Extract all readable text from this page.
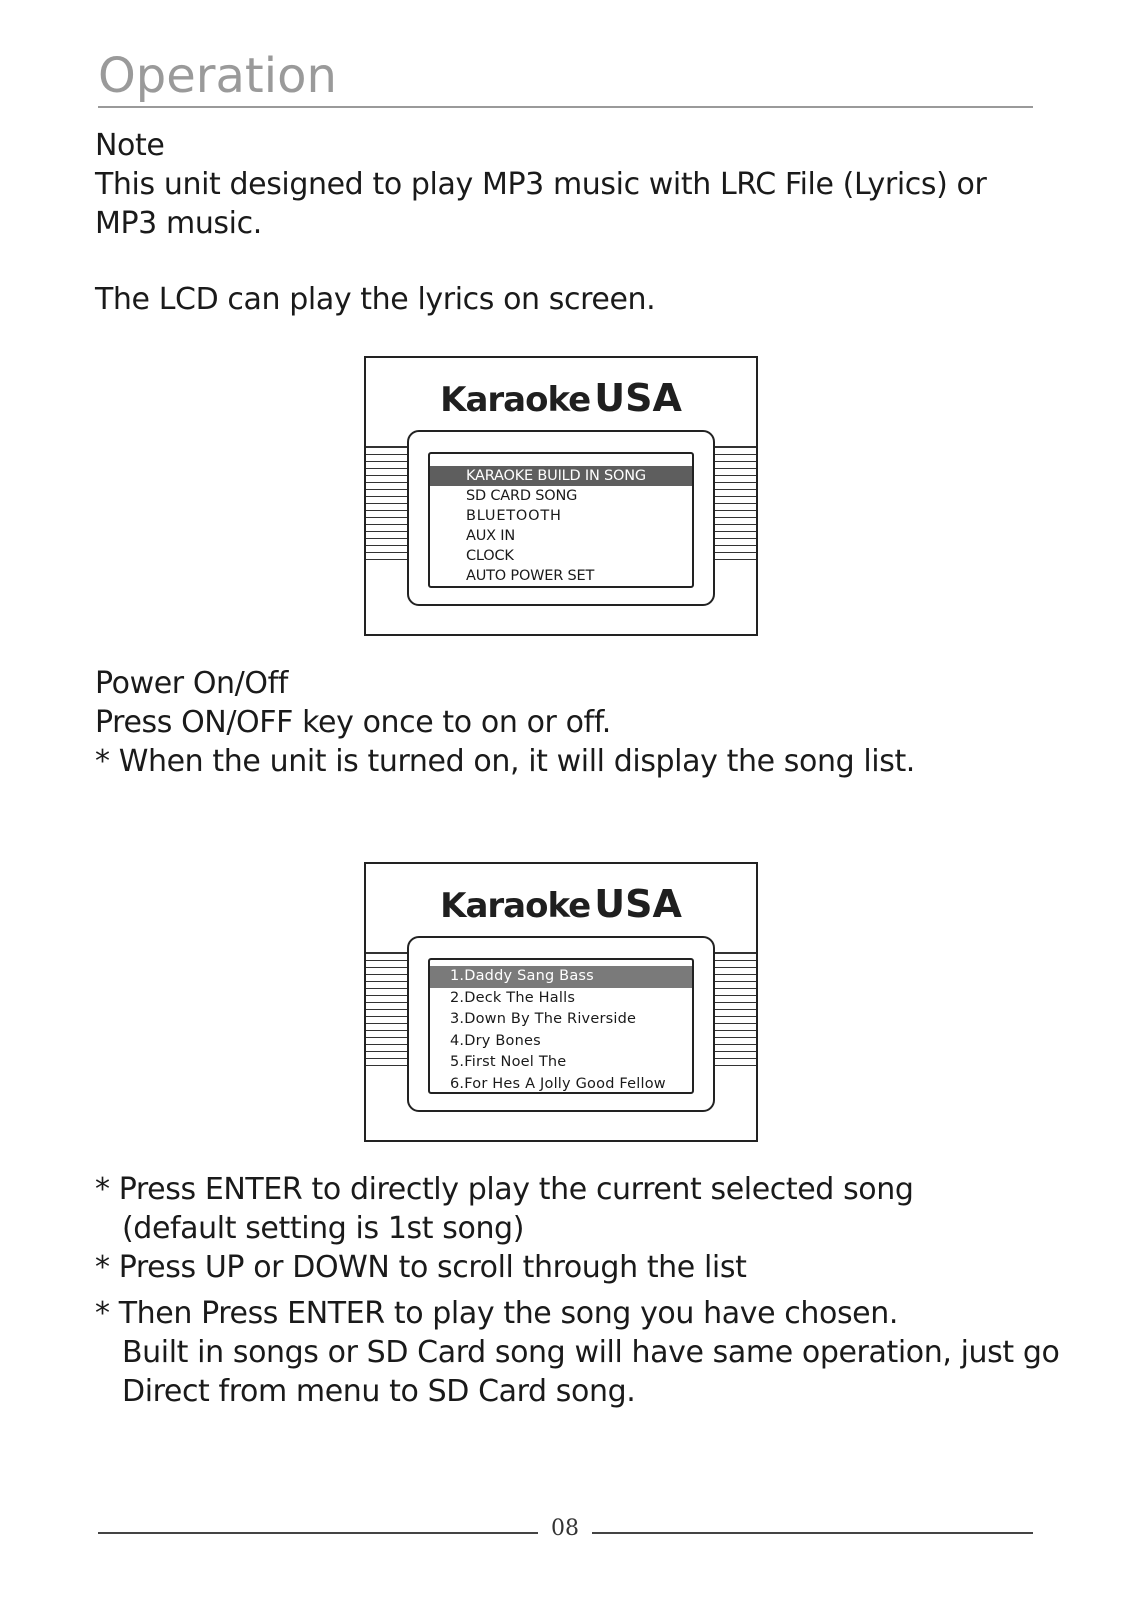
Operation
Note
This unit designed to play MP3 music with LRC File (Lyrics) or
MP3 music.
The LCD can play the lyrics on screen.
Karaoke USA
KARAOKE BUILD IN SONG
SD CARD SONG
BLUETOOTH
AUX IN
CLOCK
AUTO POWER SET
Power On/Off
Press ON/OFF key once to on or off.
* When the unit is turned on, it will display the song list.
Karaoke USA
1.Daddy Sang Bass
2.Deck The Halls
3.Down By The Riverside
4.Dry Bones
5.First Noel The
6.For Hes A Jolly Good Fellow
* Press ENTER to directly play the current selected song
(default setting is 1st song)
* Press UP or DOWN to scroll through the list
* Then Press ENTER to play the song you have chosen.
Built in songs or SD Card song will have same operation, just go
Direct from menu to SD Card song.
08
